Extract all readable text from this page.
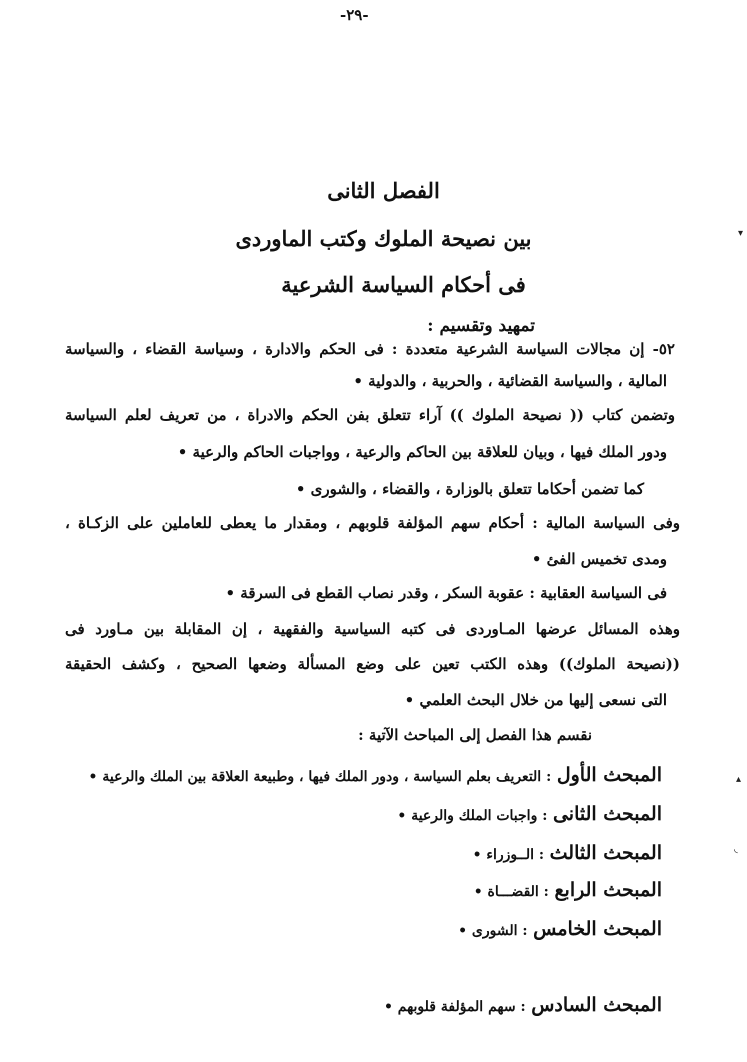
-٢٩-
الفصل الثانى
بين نصيحة الملوك وكتب الماوردى
فى أحكام السياسة الشرعية
تمهيد وتقسيم :
٥٢- إن مجالات السياسة الشرعية متعددة : فى الحكم والادارة ، وسياسة القضاء ، والسياسة
المالية ، والسياسة القضائية ، والحربية ، والدولية •
وتضمن كتاب (( نصيحة الملوك )) آراء تتعلق بفن الحكم والادراة ، من تعريف لعلم السياسة
ودور الملك فيها ، وبيان للعلاقة بين الحاكم والرعية ، وواجبات الحاكم والرعية •
كما تضمن أحكاما تتعلق بالوزارة ، والقضاء ، والشورى •
وفى السياسة المالية : أحكام سهم المؤلفة قلوبهم ، ومقدار ما يعطى للعاملين على الزكـاة ،
ومدى تخميس الفئ •
فى السياسة العقابية : عقوبة السكر ، وقدر نصاب القطع فى السرقة •
وهذه المسائل عرضها المـاوردى فى كتبه السياسية والفقهية ، إن المقابلة بين مـاورد فى
((نصيحة الملوك)) وهذه الكتب تعين على وضع المسألة وضعها الصحيح ، وكشف الحقيقة
التى نسعى إليها من خلال البحث العلمي •
نقسم هذا الفصل إلى المباحث الآتية :
المبحث الأول : التعريف بعلم السياسة ، ودور الملك فيها ، وطبيعة العلاقة بين الملك والرعية •
المبحث الثانى : واجبات الملك والرعية •
المبحث الثالث : الــوزراء •
المبحث الرابع : القضـــاة •
المبحث الخامس : الشورى •
المبحث السادس : سهم المؤلفة قلوبهم •
▾
▴
◟
